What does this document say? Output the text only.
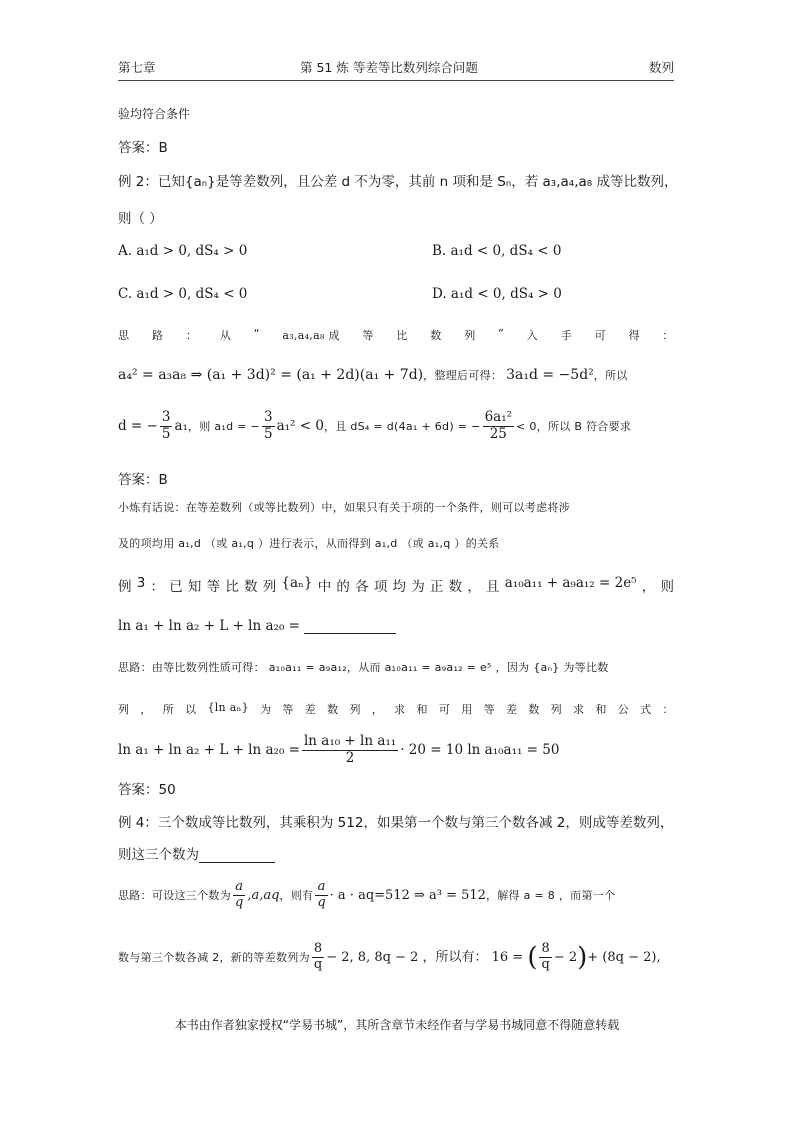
第七章	第 51 炼 等差等比数列综合问题	数列
验均符合条件
答案：B
例 2：已知{aₙ}是等差数列，且公差 d 不为零，其前 n 项和是 Sₙ，若 a₃,a₄,a₈ 成等比数列，
则（ ）
A. a₁d > 0, dS₄ > 0	B. a₁d < 0, dS₄ < 0
C. a₁d > 0, dS₄ < 0	D. a₁d < 0, dS₄ > 0
思 路 ： 从 “ a₃,a₄,a₈ 成 等 比 数 列 ” 入 手 可 得 ：
a₄² = a₃a₈ ⇒ (a₁ + 3d)² = (a₁ + 2d)(a₁ + 7d)，整理后可得： 3a₁d = −5d²，所以
d = − $\frac{3}{5} a_1$，则 a₁d = − $\frac{3}{5} a_1^2 < 0$，且 dS₄ = d(4a₁ + 6d) = − $\frac{\text{6a₁²}}{25} < 0$，所以 B 符合要求
答案：B
小炼有话说：在等差数列（或等比数列）中，如果只有关于项的一个条件，则可以考虑将涉
及的项均用 a₁,d （或 a₁,q ）进行表示，从而得到 a₁,d （或 a₁,q ）的关系
例 3 ： 已 知 等 比 数 列 {aₙ} 中 的 各 项 均 为 正 数 ， 且 a₁₀a₁₁ + a₉a₁₂ = 2e⁵ ， 则
ln a₁ + ln a₂ + L + ln a₂₀ =
思路：由等比数列性质可得： a₁₀a₁₁ = a₉a₁₂，从而 a₁₀a₁₁ = a₉a₁₂ = e⁵ ，因为 {aₙ} 为等比数
列 ， 所 以 {ln aₙ} 为 等 差 数 列 ， 求 和 可 用 等 差 数 列 求 和 公 式 ：
$\ln a_1 + \ln a_2 + L + \ln a_{20} = \frac{\text{ln a₁₀ + ln a₁₁}}{2} \cdot 20 = 10$ ln a₁₀a₁₁ = 50
答案：50
例 4：三个数成等比数列，其乘积为 512，如果第一个数与第三个数各减 2，则成等差数列，
则这三个数为
思路：可设这三个数为 $\frac{a}{q} ,a,aq$，则有 $\frac{a}{q} \cdot a \cdot aq=512$ ⇒ a³ = 512，解得 a = 8 ，而第一个
数与第三个数各减 2，新的等差数列为 $\frac{8}{q} - 2$, 8, 8q − 2 ，所以有： 16 = ( $\frac{8}{q} - 2)+ (8q - 2)$,
本书由作者独家授权“学易书城”，其所含章节未经作者与学易书城同意不得随意转载
